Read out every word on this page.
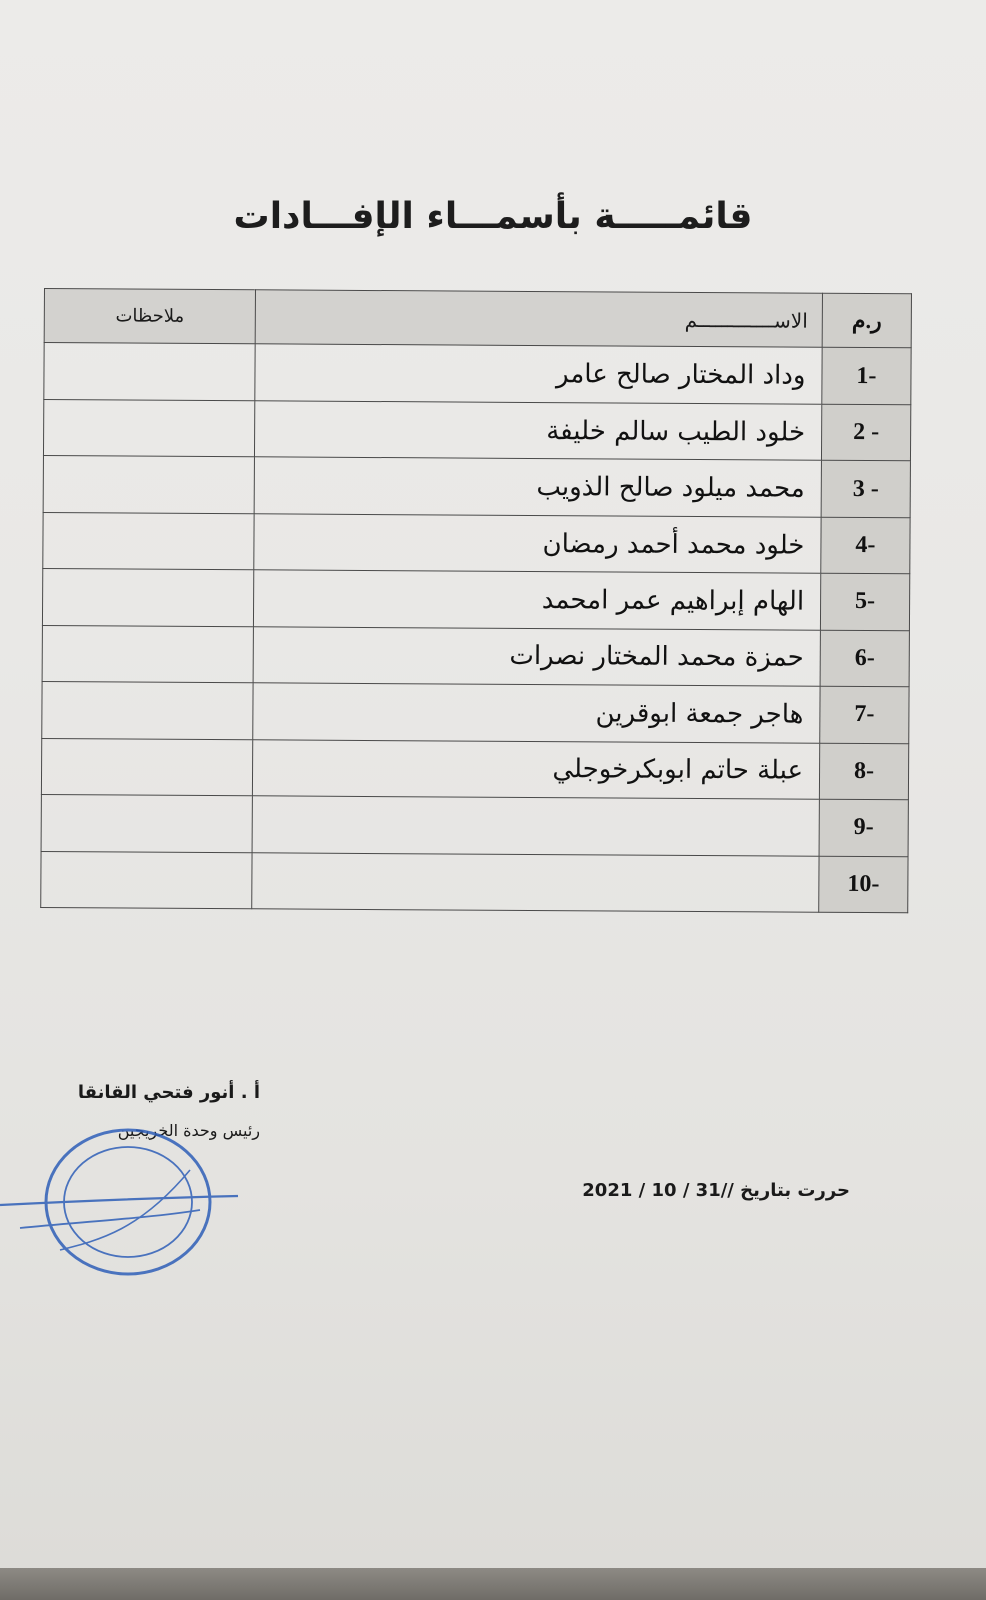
قائمـــــة بأسمـــاء الإفـــادات
ر.م	الاســـــــــــــم	ملاحظات
1-	وداد المختار صالح عامر	
2 -	خلود الطيب سالم خليفة	
3 -	محمد ميلود صالح الذويب	
4-	خلود محمد أحمد رمضان	
5-	الهام إبراهيم عمر امحمد	
6-	حمزة محمد المختار نصرات	
7-	هاجر جمعة ابوقرين	
8-	عبلة حاتم ابوبكرخوجلي	
9-		
10-		
أ . أنور فتحي القانقا
رئيس وحدة الخريجين
حررت بتاريخ //31 / 10 / 2021
